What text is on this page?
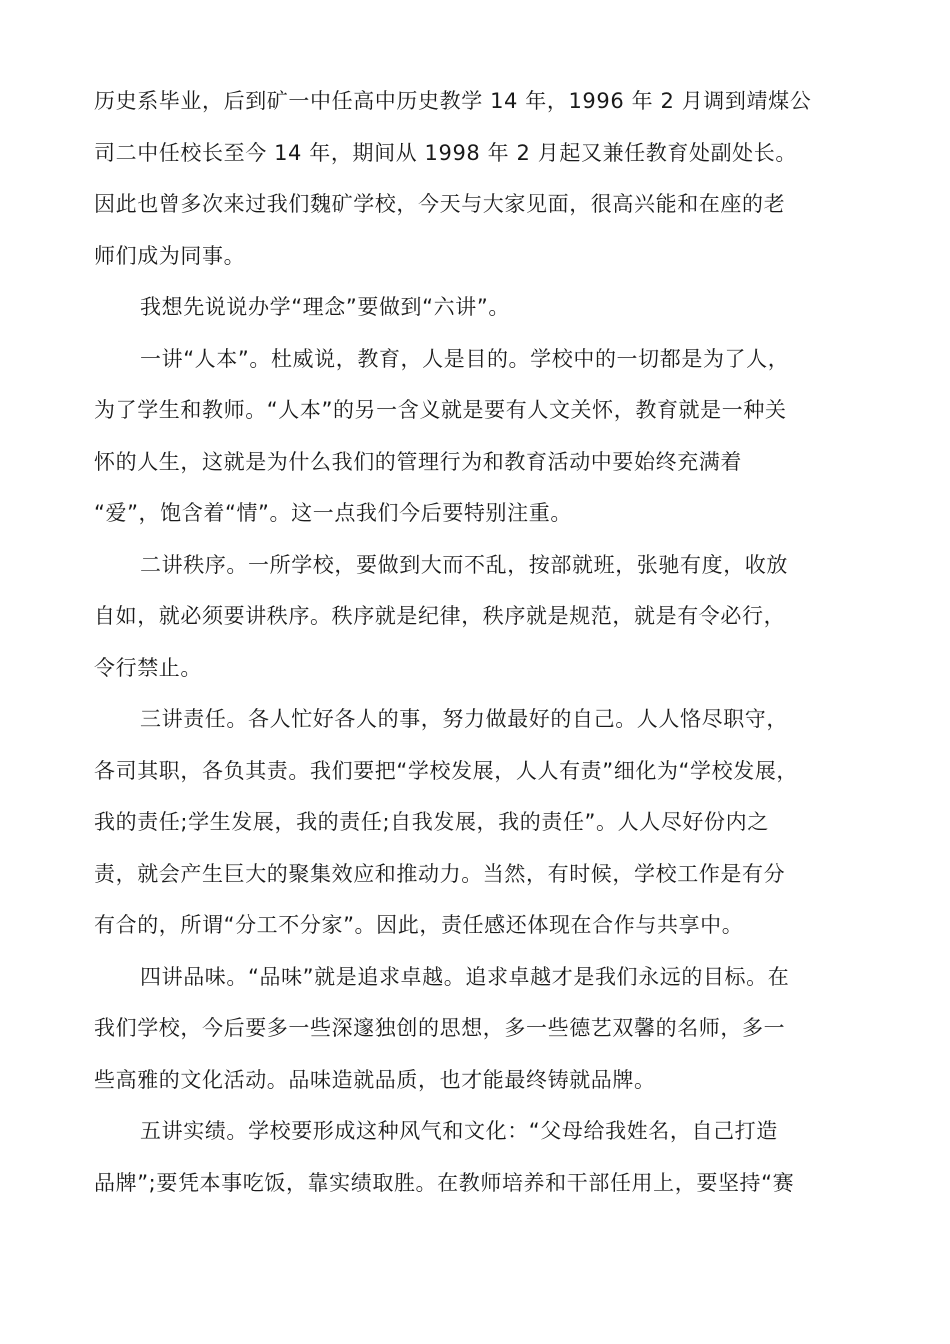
历史系毕业，后到矿一中任高中历史教学 14 年，1996 年 2 月调到靖煤公
司二中任校长至今 14 年，期间从 1998 年 2 月起又兼任教育处副处长。
因此也曾多次来过我们魏矿学校，今天与大家见面，很高兴能和在座的老
师们成为同事。

我想先说说办学“理念”要做到“六讲”。

一讲“人本”。杜威说，教育，人是目的。学校中的一切都是为了人，
为了学生和教师。“人本”的另一含义就是要有人文关怀，教育就是一种关
怀的人生，这就是为什么我们的管理行为和教育活动中要始终充满着
“爱”，饱含着“情”。这一点我们今后要特别注重。

二讲秩序。一所学校，要做到大而不乱，按部就班，张驰有度，收放
自如，就必须要讲秩序。秩序就是纪律，秩序就是规范，就是有令必行，
令行禁止。

三讲责任。各人忙好各人的事，努力做最好的自己。人人恪尽职守，
各司其职，各负其责。我们要把“学校发展，人人有责”细化为“学校发展，
我的责任;学生发展，我的责任;自我发展，我的责任”。人人尽好份内之
责，就会产生巨大的聚集效应和推动力。当然，有时候，学校工作是有分
有合的，所谓“分工不分家”。因此，责任感还体现在合作与共享中。

四讲品味。“品味”就是追求卓越。追求卓越才是我们永远的目标。在
我们学校，今后要多一些深邃独创的思想，多一些德艺双馨的名师，多一
些高雅的文化活动。品味造就品质，也才能最终铸就品牌。

五讲实绩。学校要形成这种风气和文化：“父母给我姓名，自己打造
品牌”;要凭本事吃饭，靠实绩取胜。在教师培养和干部任用上，要坚持“赛
